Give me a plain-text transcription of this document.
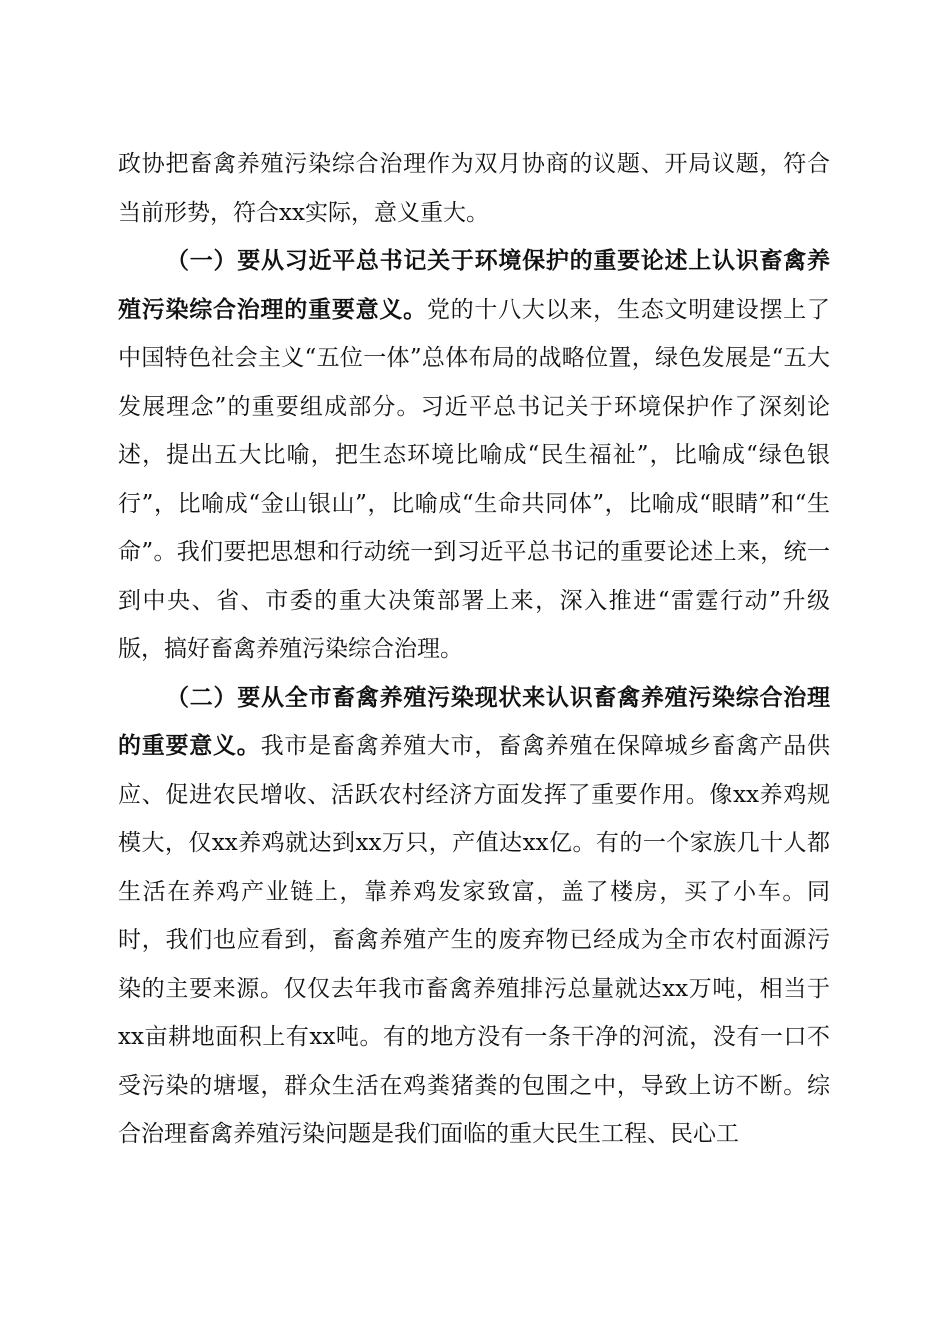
政协把畜禽养殖污染综合治理作为双月协商的议题、开局议题，符合当前形势，符合xx实际，意义重大。

（一）要从习近平总书记关于环境保护的重要论述上认识畜禽养殖污染综合治理的重要意义。党的十八大以来，生态文明建设摆上了中国特色社会主义“五位一体”总体布局的战略位置，绿色发展是“五大发展理念”的重要组成部分。习近平总书记关于环境保护作了深刻论述，提出五大比喻，把生态环境比喻成“民生福祉”，比喻成“绿色银行”，比喻成“金山银山”，比喻成“生命共同体”，比喻成“眼睛”和“生命”。我们要把思想和行动统一到习近平总书记的重要论述上来，统一到中央、省、市委的重大决策部署上来，深入推进“雷霆行动”升级版，搞好畜禽养殖污染综合治理。

（二）要从全市畜禽养殖污染现状来认识畜禽养殖污染综合治理的重要意义。我市是畜禽养殖大市，畜禽养殖在保障城乡畜禽产品供应、促进农民增收、活跃农村经济方面发挥了重要作用。像xx养鸡规模大，仅xx养鸡就达到xx万只，产值达xx亿。有的一个家族几十人都生活在养鸡产业链上，靠养鸡发家致富，盖了楼房，买了小车。同时，我们也应看到，畜禽养殖产生的废弃物已经成为全市农村面源污染的主要来源。仅仅去年我市畜禽养殖排污总量就达xx万吨，相当于xx亩耕地面积上有xx吨。有的地方没有一条干净的河流，没有一口不受污染的塘堰，群众生活在鸡粪猪粪的包围之中，导致上访不断。综合治理畜禽养殖污染问题是我们面临的重大民生工程、民心工
